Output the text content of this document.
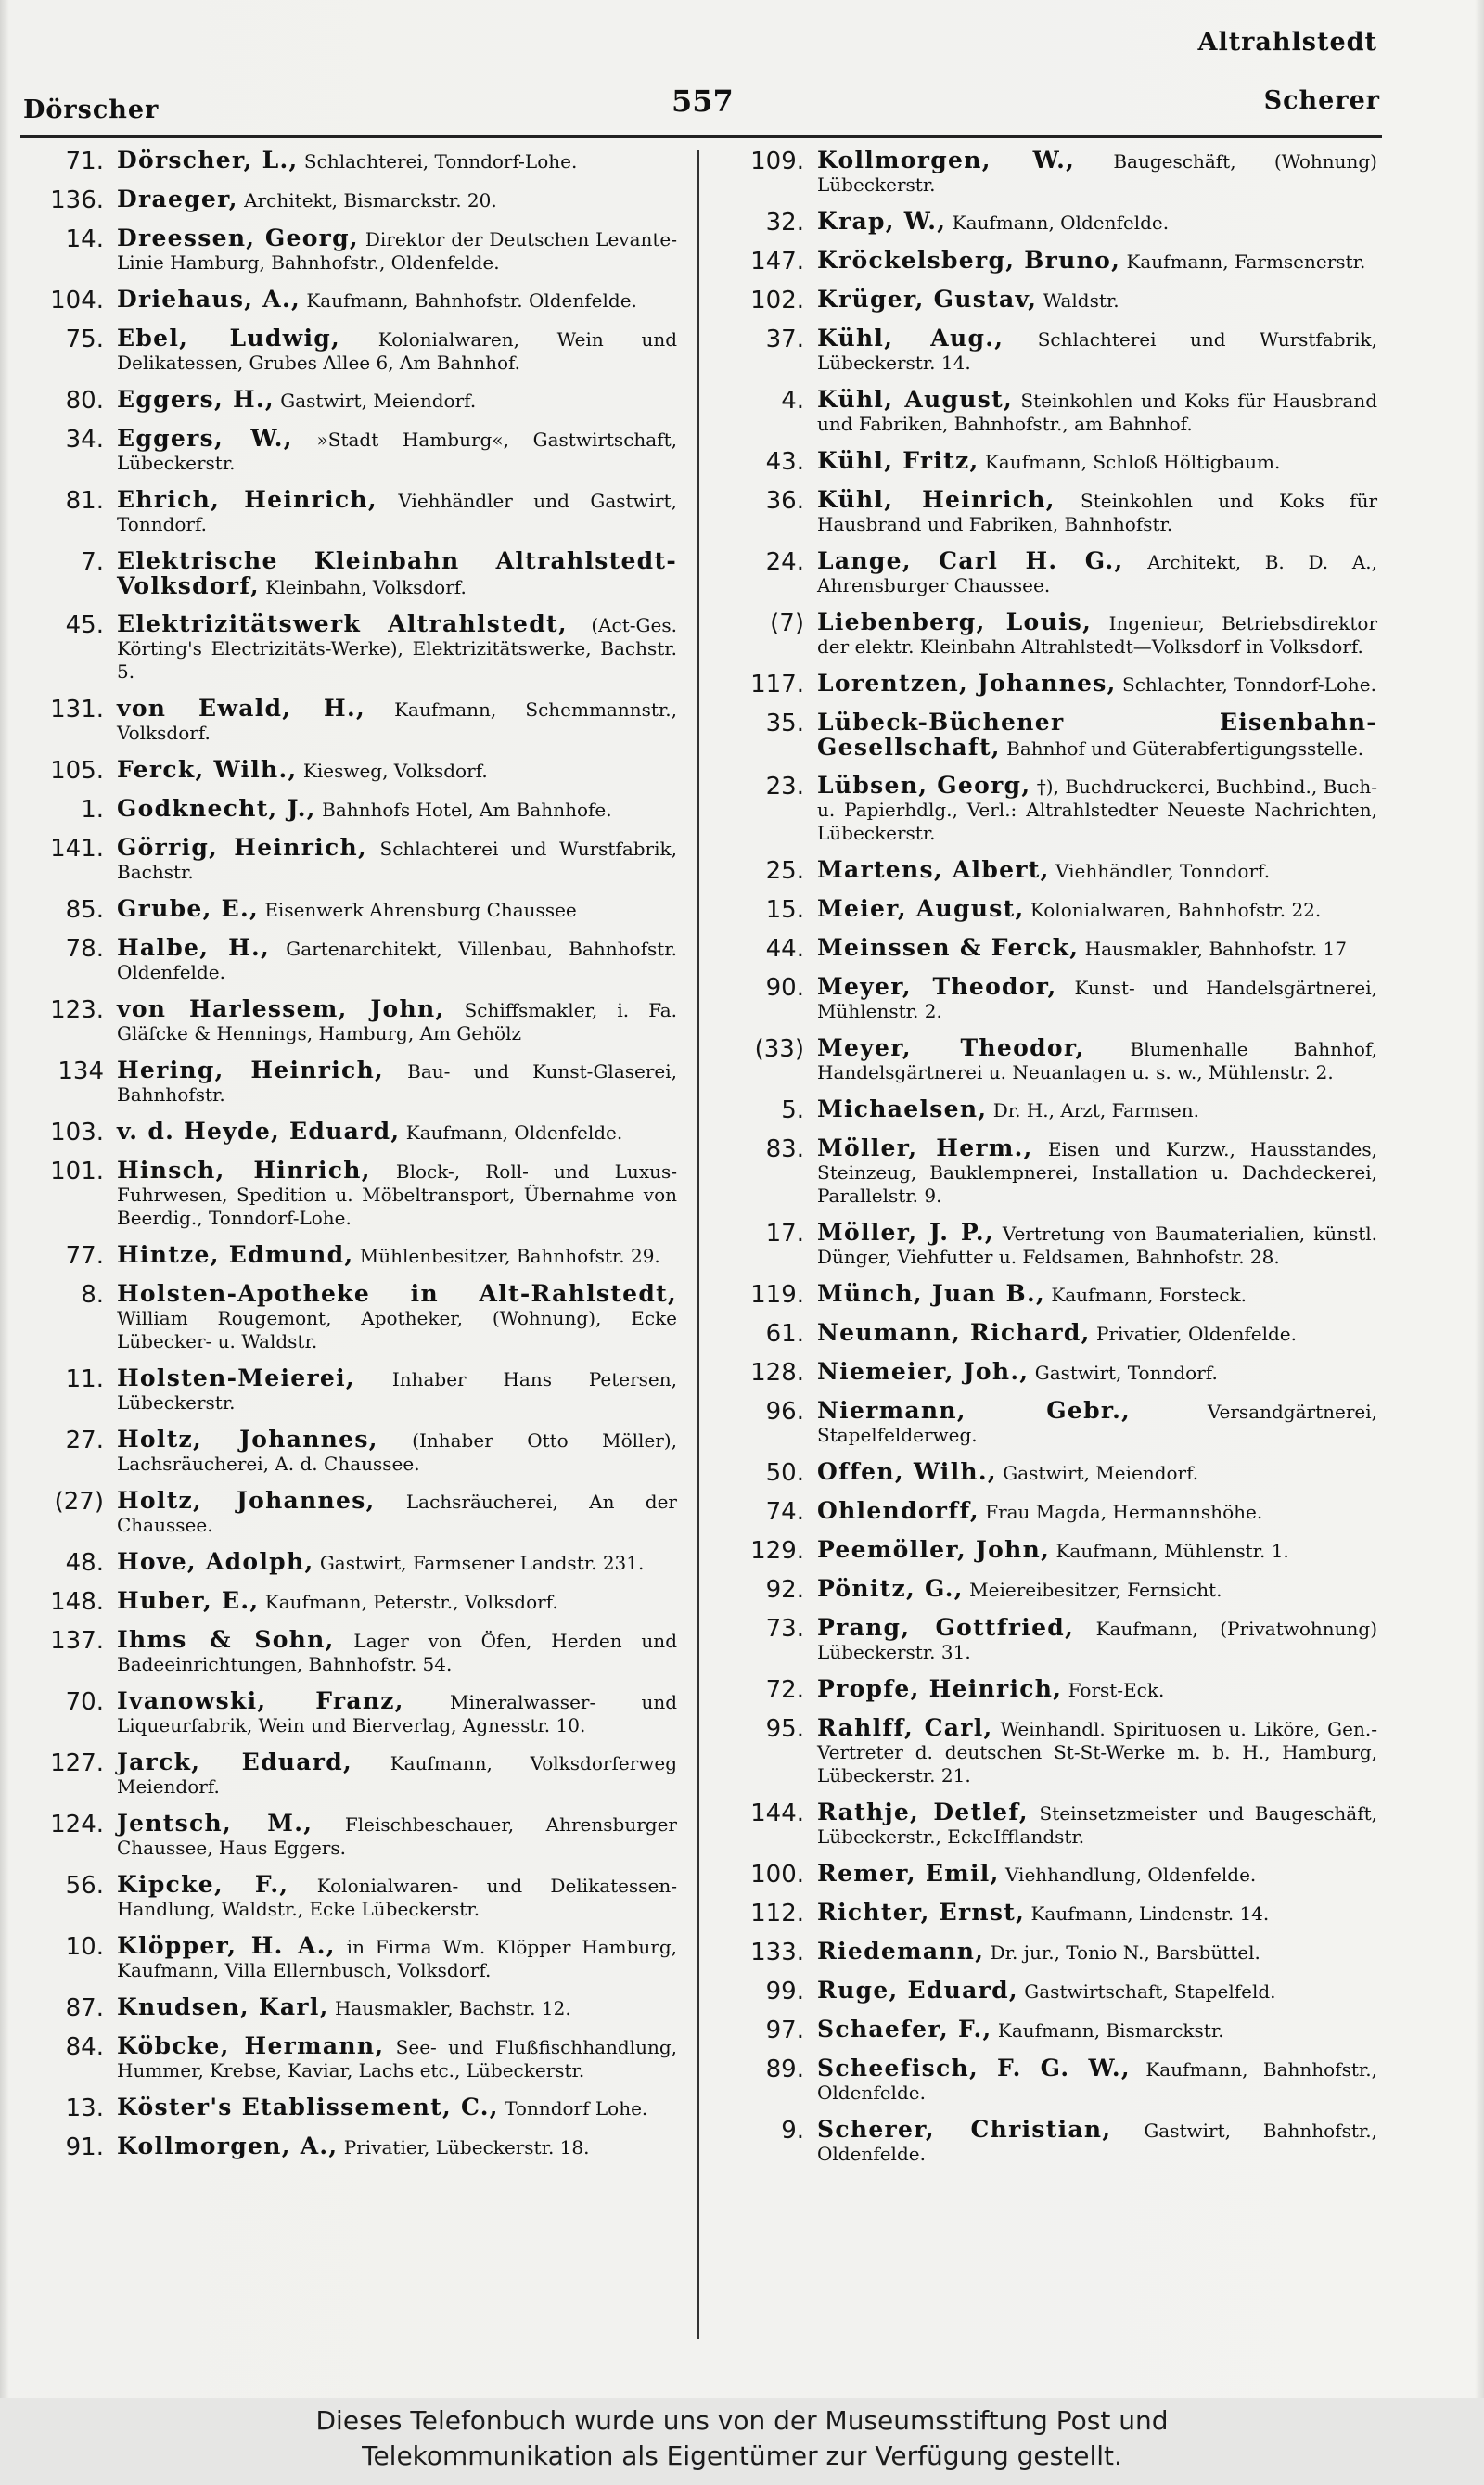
Altrahlstedt
Dörscher	557	Scherer
71. Dörscher, L., Schlachterei, Tonndorf-Lohe.
136. Draeger, Architekt, Bismarckstr. 20.
14. Dreessen, Georg, Direktor der Deutschen Levante-Linie Hamburg, Bahnhofstr., Oldenfelde.
104. Driehaus, A., Kaufmann, Bahnhofstr. Oldenfelde.
75. Ebel, Ludwig, Kolonialwaren, Wein und Delikatessen, Grubes Allee 6, Am Bahnhof.
80. Eggers, H., Gastwirt, Meiendorf.
34. Eggers, W., »Stadt Hamburg«, Gastwirtschaft, Lübeckerstr.
81. Ehrich, Heinrich, Viehhändler und Gastwirt, Tonndorf.
7. Elektrische Kleinbahn Altrahlstedt-Volksdorf, Kleinbahn, Volksdorf.
45. Elektrizitätswerk Altrahlstedt, (Act-Ges. Körting's Electrizitäts-Werke), Elektrizitätswerke, Bachstr. 5.
131. von Ewald, H., Kaufmann, Schemmannstr., Volksdorf.
105. Ferck, Wilh., Kiesweg, Volksdorf.
1. Godknecht, J., Bahnhofs Hotel, Am Bahnhofe.
141. Görrig, Heinrich, Schlachterei und Wurstfabrik, Bachstr.
85. Grube, E., Eisenwerk Ahrensburg Chaussee
78. Halbe, H., Gartenarchitekt, Villenbau, Bahnhofstr. Oldenfelde.
123. von Harlessem, John, Schiffsmakler, i. Fa. Gläfcke & Hennings, Hamburg, Am Gehölz
134 Hering, Heinrich, Bau- und Kunst-Glaserei, Bahnhofstr.
103. v. d. Heyde, Eduard, Kaufmann, Oldenfelde.
101. Hinsch, Hinrich, Block-, Roll- und Luxus-Fuhrwesen, Spedition u. Möbeltransport, Übernahme von Beerdig., Tonndorf-Lohe.
77. Hintze, Edmund, Mühlenbesitzer, Bahnhofstr. 29.
8. Holsten-Apotheke in Alt-Rahlstedt, William Rougemont, Apotheker, (Wohnung), Ecke Lübecker- u. Waldstr.
11. Holsten-Meierei, Inhaber Hans Petersen, Lübeckerstr.
27. Holtz, Johannes, (Inhaber Otto Möller), Lachsräucherei, A. d. Chaussee.
(27) Holtz, Johannes, Lachsräucherei, An der Chaussee.
48. Hove, Adolph, Gastwirt, Farmsener Landstr. 231.
148. Huber, E., Kaufmann, Peterstr., Volksdorf.
137. Ihms & Sohn, Lager von Öfen, Herden und Badeeinrichtungen, Bahnhofstr. 54.
70. Ivanowski, Franz, Mineralwasser- und Liqueurfabrik, Wein und Bierverlag, Agnesstr. 10.
127. Jarck, Eduard, Kaufmann, Volksdorferweg Meiendorf.
124. Jentsch, M., Fleischbeschauer, Ahrensburger Chaussee, Haus Eggers.
56. Kipcke, F., Kolonialwaren- und Delikatessen-Handlung, Waldstr., Ecke Lübeckerstr.
10. Klöpper, H. A., in Firma Wm. Klöpper Hamburg, Kaufmann, Villa Ellernbusch, Volksdorf.
87. Knudsen, Karl, Hausmakler, Bachstr. 12.
84. Köbcke, Hermann, See- und Flußfischhandlung, Hummer, Krebse, Kaviar, Lachs etc., Lübeckerstr.
13. Köster's Etablissement, C., Tonndorf Lohe.
91. Kollmorgen, A., Privatier, Lübeckerstr. 18.
109. Kollmorgen, W., Baugeschäft, (Wohnung) Lübeckerstr.
32. Krap, W., Kaufmann, Oldenfelde.
147. Kröckelsberg, Bruno, Kaufmann, Farmsenerstr.
102. Krüger, Gustav, Waldstr.
37. Kühl, Aug., Schlachterei und Wurstfabrik, Lübeckerstr. 14.
4. Kühl, August, Steinkohlen und Koks für Hausbrand und Fabriken, Bahnhofstr., am Bahnhof.
43. Kühl, Fritz, Kaufmann, Schloß Höltigbaum.
36. Kühl, Heinrich, Steinkohlen und Koks für Hausbrand und Fabriken, Bahnhofstr.
24. Lange, Carl H. G., Architekt, B. D. A., Ahrensburger Chaussee.
(7) Liebenberg, Louis, Ingenieur, Betriebsdirektor der elektr. Kleinbahn Altrahlstedt—Volksdorf in Volksdorf.
117. Lorentzen, Johannes, Schlachter, Tonndorf-Lohe.
35. Lübeck-Büchener Eisenbahn-Gesellschaft, Bahnhof und Güterabfertigungsstelle.
23. Lübsen, Georg, †), Buchdruckerei, Buchbind., Buch- u. Papierhdlg., Verl.: Altrahlstedter Neueste Nachrichten, Lübeckerstr.
25. Martens, Albert, Viehhändler, Tonndorf.
15. Meier, August, Kolonialwaren, Bahnhofstr. 22.
44. Meinssen & Ferck, Hausmakler, Bahnhofstr. 17
90. Meyer, Theodor, Kunst- und Handelsgärtnerei, Mühlenstr. 2.
(33) Meyer, Theodor, Blumenhalle Bahnhof, Handelsgärtnerei u. Neuanlagen u. s. w., Mühlenstr. 2.
5. Michaelsen, Dr. H., Arzt, Farmsen.
83. Möller, Herm., Eisen und Kurzw., Hausstandes, Steinzeug, Bauklempnerei, Installation u. Dachdeckerei, Parallelstr. 9.
17. Möller, J. P., Vertretung von Baumaterialien, künstl. Dünger, Viehfutter u. Feldsamen, Bahnhofstr. 28.
119. Münch, Juan B., Kaufmann, Forsteck.
61. Neumann, Richard, Privatier, Oldenfelde.
128. Niemeier, Joh., Gastwirt, Tonndorf.
96. Niermann, Gebr.,	Versandgärtnerei, Stapelfelderweg.
50. Offen, Wilh., Gastwirt, Meiendorf.
74. Ohlendorff, Frau Magda, Hermannshöhe.
129. Peemöller, John, Kaufmann, Mühlenstr. 1.
92. Pönitz, G., Meiereibesitzer, Fernsicht.
73. Prang, Gottfried, Kaufmann, (Privatwohnung) Lübeckerstr. 31.
72. Propfe, Heinrich, Forst-Eck.
95. Rahlff, Carl, Weinhandl. Spirituosen u. Liköre, Gen.-Vertreter d. deutschen St-St-Werke m. b. H., Hamburg, Lübeckerstr. 21.
144. Rathje, Detlef, Steinsetzmeister und Baugeschäft, Lübeckerstr., EckeIfflandstr.
100. Remer, Emil, Viehhandlung, Oldenfelde.
112. Richter, Ernst, Kaufmann, Lindenstr. 14.
133. Riedemann, Dr. jur., Tonio N., Barsbüttel.
99. Ruge, Eduard, Gastwirtschaft, Stapelfeld.
97. Schaefer, F., Kaufmann, Bismarckstr.
89. Scheefisch, F. G. W., Kaufmann, Bahnhofstr., Oldenfelde.
9. Scherer, Christian, Gastwirt, Bahnhofstr., Oldenfelde.
Dieses Telefonbuch wurde uns von der Museumsstiftung Post und
Telekommunikation als Eigentümer zur Verfügung gestellt.
